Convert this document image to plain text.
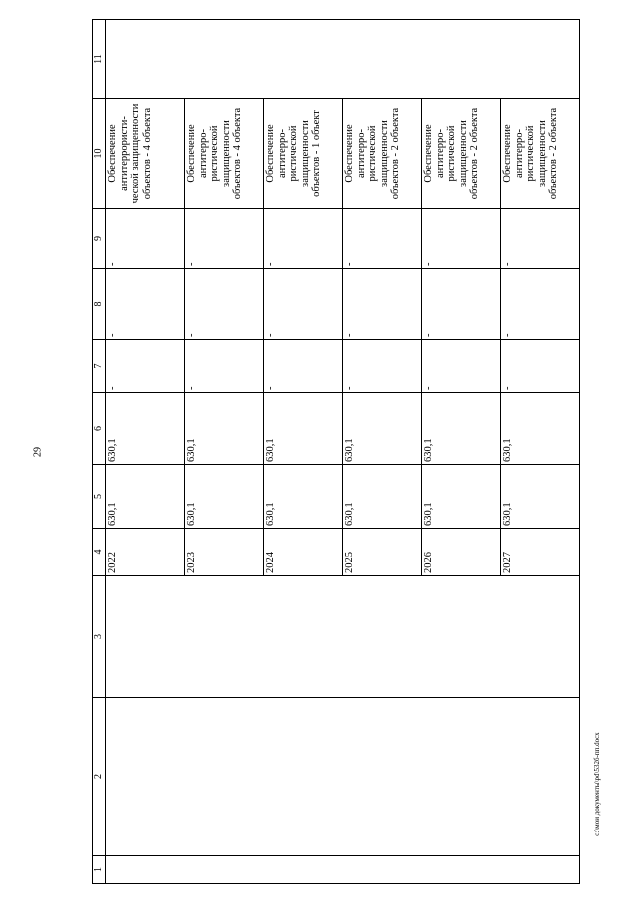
29
1	2	3	4	5	6	7	8	9	10	11
			2022	630,1	630,1	-	-	-	Обеспечение антитеррористи-ческой защищенности объектов - 4 объекта	
			2023	630,1	630,1	-	-	-	Обеспечение антитерро-ристической защищенности объектов - 4 объекта	
			2024	630,1	630,1	-	-	-	Обеспечение антитерро-ристической защищенности объектов - 1 объект	
			2025	630,1	630,1	-	-	-	Обеспечение антитерро-ристической защищенности объектов - 2 объекта	
			2026	630,1	630,1	-	-	-	Обеспечение антитерро-ристической защищенности объектов - 2 объекта	
			2027	630,1	630,1	-	-	-	Обеспечение антитерро-ристической защищенности объектов - 2 объекта	
c:\мои документы\pd\532б-пп.docx
